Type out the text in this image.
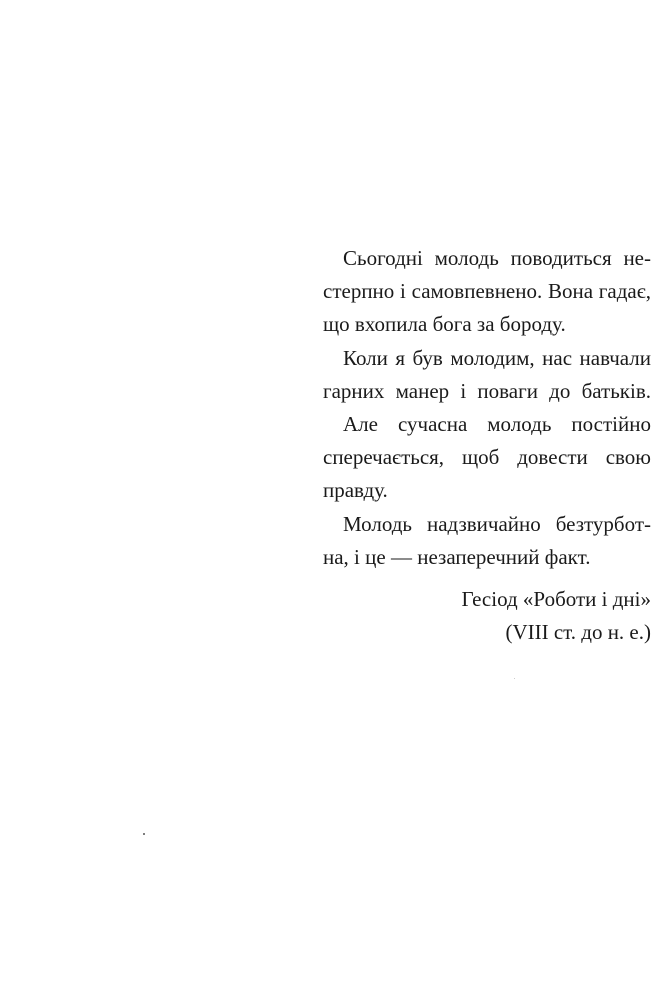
Сьогодні молодь поводиться не-
стерпно і самовпевнено. Вона гадає,
що вхопила бога за бороду.
Коли я був молодим, нас навчали
гарних манер і поваги до батьків.
Але сучасна молодь постійно
сперечається, щоб довести свою
правду.
Молодь надзвичайно безтурбот-
на, і це — незаперечний факт.
Гесіод «Роботи і дні»
(VIII ст. до н. е.)
